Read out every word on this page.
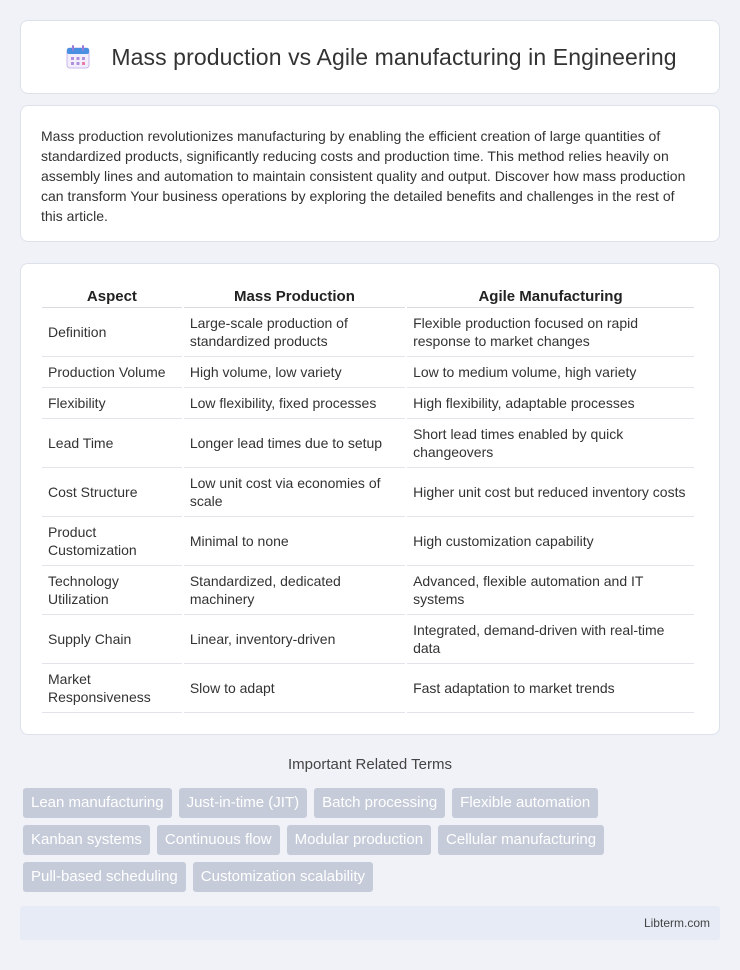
Mass production vs Agile manufacturing in Engineering

Mass production revolutionizes manufacturing by enabling the efficient creation of large quantities of standardized products, significantly reducing costs and production time. This method relies heavily on assembly lines and automation to maintain consistent quality and output. Discover how mass production can transform Your business operations by exploring the detailed benefits and challenges in the rest of this article.

Aspect	Mass Production	Agile Manufacturing
Definition	Large-scale production of standardized products	Flexible production focused on rapid response to market changes
Production Volume	High volume, low variety	Low to medium volume, high variety
Flexibility	Low flexibility, fixed processes	High flexibility, adaptable processes
Lead Time	Longer lead times due to setup	Short lead times enabled by quick changeovers
Cost Structure	Low unit cost via economies of scale	Higher unit cost but reduced inventory costs
Product Customization	Minimal to none	High customization capability
Technology Utilization	Standardized, dedicated machinery	Advanced, flexible automation and IT systems
Supply Chain	Linear, inventory-driven	Integrated, demand-driven with real-time data
Market Responsiveness	Slow to adapt	Fast adaptation to market trends
Important Related Terms
Lean manufacturing	Just-in-time (JIT)	Batch processing	Flexible automation
Kanban systems	Continuous flow	Modular production	Cellular manufacturing
Pull-based scheduling	Customization scalability
Libterm.com
